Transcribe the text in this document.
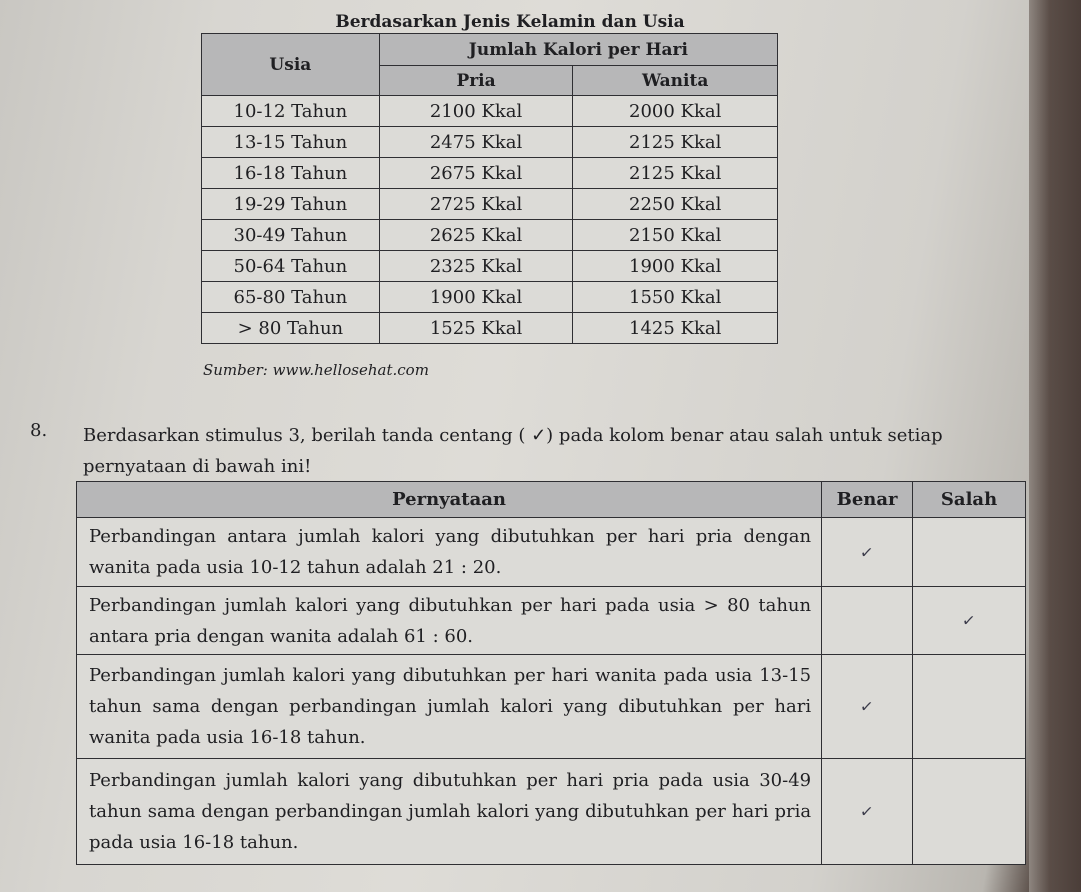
Berdasarkan Jenis Kelamin dan Usia
Usia	Jumlah Kalori per Hari	
	Pria	Wanita
10-12 Tahun	2100 Kkal	2000 Kkal
13-15 Tahun	2475 Kkal	2125 Kkal
16-18 Tahun	2675 Kkal	2125 Kkal
19-29 Tahun	2725 Kkal	2250 Kkal
30-49 Tahun	2625 Kkal	2150 Kkal
50-64 Tahun	2325 Kkal	1900 Kkal
65-80 Tahun	1900 Kkal	1550 Kkal
> 80 Tahun	1525 Kkal	1425 Kkal
Sumber: www.hellosehat.com
8. Berdasarkan stimulus 3, berilah tanda centang ( ✓) pada kolom benar atau salah untuk setiap pernyataan di bawah ini!
Pernyataan	Benar	Salah
Perbandingan antara jumlah kalori yang dibutuhkan per hari pria dengan wanita pada usia 10-12 tahun adalah 21 : 20.	✓	
Perbandingan jumlah kalori yang dibutuhkan per hari pada usia > 80 tahun antara pria dengan wanita adalah 61 : 60.		✓
Perbandingan jumlah kalori yang dibutuhkan per hari wanita pada usia 13-15 tahun sama dengan perbandingan jumlah kalori yang dibutuhkan per hari wanita pada usia 16-18 tahun.	✓	
Perbandingan jumlah kalori yang dibutuhkan per hari pria pada usia 30-49 tahun sama dengan perbandingan jumlah kalori yang dibutuhkan per hari pria pada usia 16-18 tahun.	✓	
